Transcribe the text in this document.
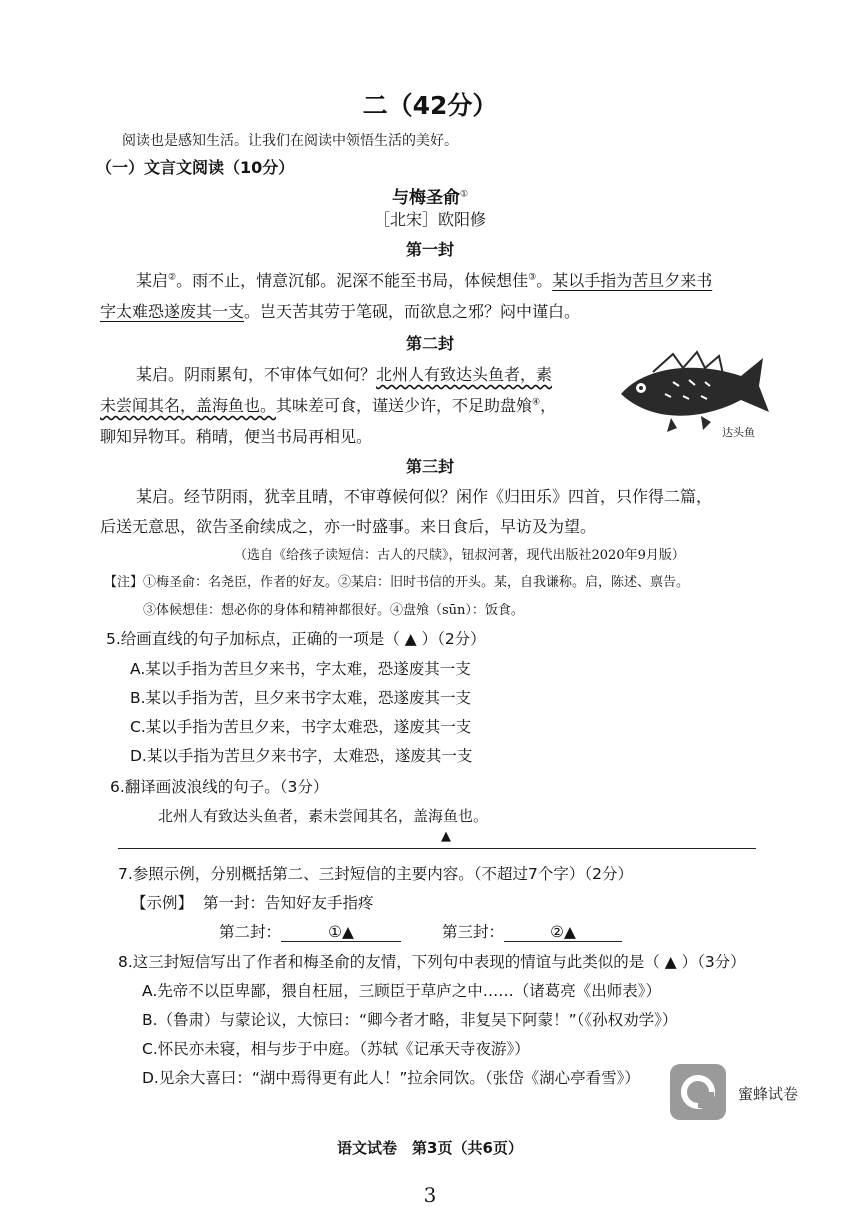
二（42分）
阅读也是感知生活。让我们在阅读中领悟生活的美好。
（一）文言文阅读（10分）
与梅圣俞①
［北宋］欧阳修
第一封
某启②。雨不止，情意沉郁。泥深不能至书局，体候想佳③。某以手指为苦旦夕来书
字太难恐遂废其一支。岂天苦其劳于笔砚，而欲息之邪？闷中谨白。
第二封
某启。阴雨累旬，不审体气如何？北州人有致达头鱼者，素
未尝闻其名，盖海鱼也。其味差可食，谨送少许，不足助盘飧④，
聊知异物耳。稍晴，便当书局再相见。	达头鱼
第三封
某启。经节阴雨，犹幸且晴，不审尊候何似？闲作《归田乐》四首，只作得二篇，
后送无意思，欲告圣俞续成之，亦一时盛事。来日食后，早访及为望。
（选自《给孩子读短信：古人的尺牍》，钮叔河著，现代出版社2020年9月版）
【注】①梅圣俞：名尧臣，作者的好友。②某启：旧时书信的开头。某，自我谦称。启，陈述、禀告。
③体候想佳：想必你的身体和精神都很好。④盘飧（sūn）：饭食。
5.给画直线的句子加标点，正确的一项是（ ▲ ）（2分）
A.某以手指为苦旦夕来书，字太难，恐遂废其一支
B.某以手指为苦，旦夕来书字太难，恐遂废其一支
C.某以手指为苦旦夕来，书字太难恐，遂废其一支
D.某以手指为苦旦夕来书字，太难恐，遂废其一支
6.翻译画波浪线的句子。（3分）
北州人有致达头鱼者，素未尝闻其名，盖海鱼也。
▲
7.参照示例，分别概括第二、三封短信的主要内容。（不超过7个字）（2分）
【示例】 第一封：告知好友手指疼
第二封：	①▲	第三封：	②▲
8.这三封短信写出了作者和梅圣俞的友情，下列句中表现的情谊与此类似的是（ ▲ ）（3分）
A.先帝不以臣卑鄙，猥自枉屈，三顾臣于草庐之中……（诸葛亮《出师表》）
B.（鲁肃）与蒙论议，大惊曰：“卿今者才略，非复吴下阿蒙！”（《孙权劝学》）
C.怀民亦未寝，相与步于中庭。（苏轼《记承天寺夜游》）
D.见余大喜曰：“湖中焉得更有此人！”拉余同饮。（张岱《湖心亭看雪》）
蜜蜂试卷
语文试卷　第3页（共6页）
3
